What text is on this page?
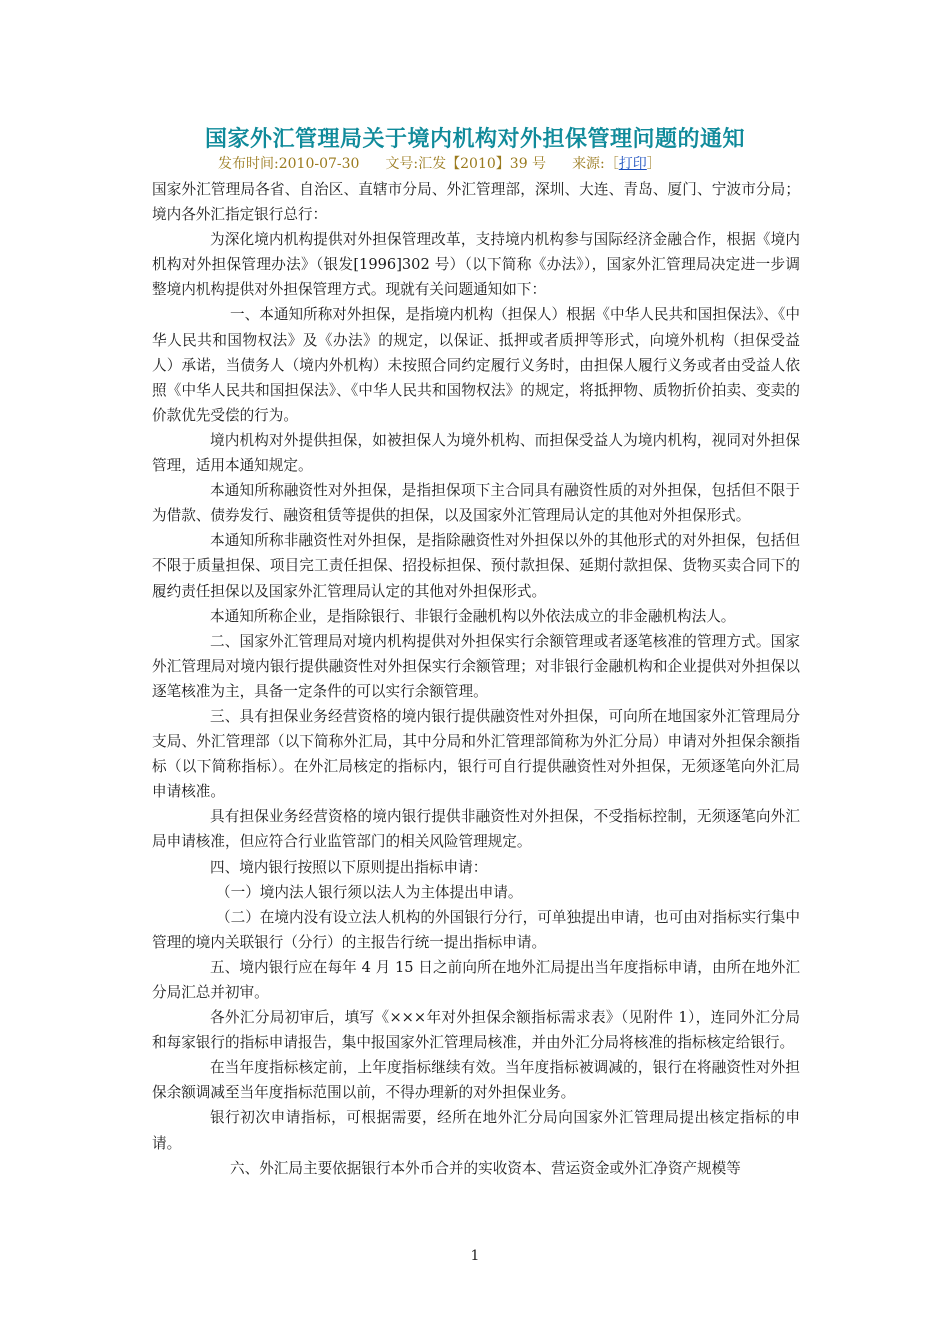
国家外汇管理局关于境内机构对外担保管理问题的通知
发布时间:2010-07-30 文号:汇发【2010】39 号 来源:［打印］

国家外汇管理局各省、自治区、直辖市分局、外汇管理部，深圳、大连、青岛、厦门、宁波市分局；境内各外汇指定银行总行：

为深化境内机构提供对外担保管理改革，支持境内机构参与国际经济金融合作，根据《境内机构对外担保管理办法》（银发[1996]302 号）（以下简称《办法》），国家外汇管理局决定进一步调整境内机构提供对外担保管理方式。现就有关问题通知如下：

一、本通知所称对外担保，是指境内机构（担保人）根据《中华人民共和国担保法》、《中华人民共和国物权法》及《办法》的规定，以保证、抵押或者质押等形式，向境外机构（担保受益人）承诺，当债务人（境内外机构）未按照合同约定履行义务时，由担保人履行义务或者由受益人依照《中华人民共和国担保法》、《中华人民共和国物权法》的规定，将抵押物、质物折价拍卖、变卖的价款优先受偿的行为。

境内机构对外提供担保，如被担保人为境外机构、而担保受益人为境内机构，视同对外担保管理，适用本通知规定。

本通知所称融资性对外担保，是指担保项下主合同具有融资性质的对外担保，包括但不限于为借款、债券发行、融资租赁等提供的担保，以及国家外汇管理局认定的其他对外担保形式。

本通知所称非融资性对外担保，是指除融资性对外担保以外的其他形式的对外担保，包括但不限于质量担保、项目完工责任担保、招投标担保、预付款担保、延期付款担保、货物买卖合同下的履约责任担保以及国家外汇管理局认定的其他对外担保形式。

本通知所称企业，是指除银行、非银行金融机构以外依法成立的非金融机构法人。

二、国家外汇管理局对境内机构提供对外担保实行余额管理或者逐笔核准的管理方式。国家外汇管理局对境内银行提供融资性对外担保实行余额管理；对非银行金融机构和企业提供对外担保以逐笔核准为主，具备一定条件的可以实行余额管理。

三、具有担保业务经营资格的境内银行提供融资性对外担保，可向所在地国家外汇管理局分支局、外汇管理部（以下简称外汇局，其中分局和外汇管理部简称为外汇分局）申请对外担保余额指标（以下简称指标）。在外汇局核定的指标内，银行可自行提供融资性对外担保，无须逐笔向外汇局申请核准。

具有担保业务经营资格的境内银行提供非融资性对外担保，不受指标控制，无须逐笔向外汇局申请核准，但应符合行业监管部门的相关风险管理规定。

四、境内银行按照以下原则提出指标申请：

（一）境内法人银行须以法人为主体提出申请。

（二）在境内没有设立法人机构的外国银行分行，可单独提出申请，也可由对指标实行集中管理的境内关联银行（分行）的主报告行统一提出指标申请。

五、境内银行应在每年 4 月 15 日之前向所在地外汇局提出当年度指标申请，由所在地外汇分局汇总并初审。

各外汇分局初审后，填写《×××年对外担保余额指标需求表》（见附件 1），连同外汇分局和每家银行的指标申请报告，集中报国家外汇管理局核准，并由外汇分局将核准的指标核定给银行。

在当年度指标核定前，上年度指标继续有效。当年度指标被调减的，银行在将融资性对外担保余额调减至当年度指标范围以前，不得办理新的对外担保业务。

银行初次申请指标，可根据需要，经所在地外汇分局向国家外汇管理局提出核定指标的申请。

六、外汇局主要依据银行本外币合并的实收资本、营运资金或外汇净资产规模等

1
